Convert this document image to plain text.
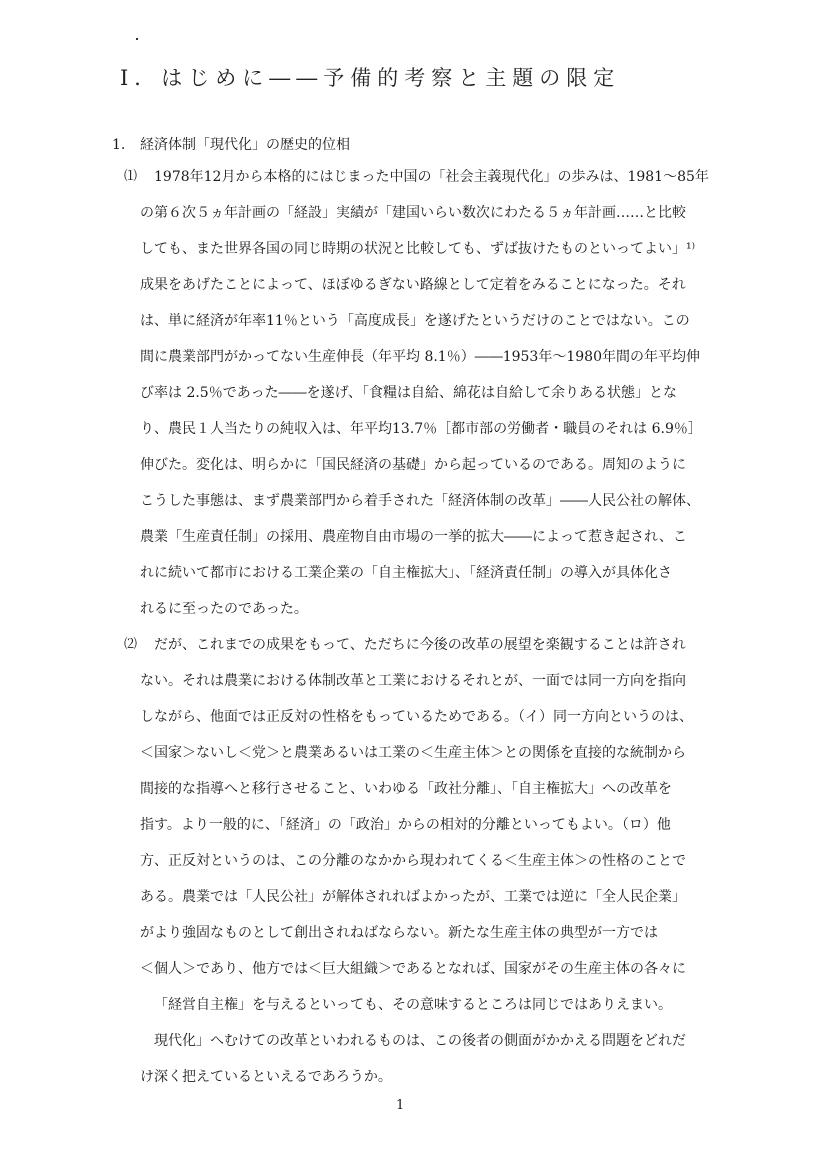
Ⅰ．はじめに――予備的考察と主題の限定
1. 経済体制「現代化」の歴史的位相
⑴ 1978年12月から本格的にはじまった中国の「社会主義現代化」の歩みは、1981～85年
の第６次５ヵ年計画の「経設」実績が「建国いらい数次にわたる５ヵ年計画……と比較
しても、また世界各国の同じ時期の状況と比較しても、ずば抜けたものといってよい」¹⁾
成果をあげたことによって、ほぼゆるぎない路線として定着をみることになった。それ
は、単に経済が年率11％という「高度成長」を遂げたというだけのことではない。この
間に農業部門がかってない生産伸長（年平均 8.1％）――1953年～1980年間の年平均伸
び率は 2.5％であった――を遂げ、「食糧は自給、綿花は自給して余りある状態」とな
り、農民１人当たりの純収入は、年平均13.7％［都市部の労働者・職員のそれは 6.9％］
伸びた。変化は、明らかに「国民経済の基礎」から起っているのである。周知のように
こうした事態は、まず農業部門から着手された「経済体制の改革」――人民公社の解体、
農業「生産責任制」の採用、農産物自由市場の一挙的拡大――によって惹き起され、こ
れに続いて都市における工業企業の「自主権拡大」、「経済責任制」の導入が具体化さ
れるに至ったのであった。
⑵ だが、これまでの成果をもって、ただちに今後の改革の展望を楽観することは許され
ない。それは農業における体制改革と工業におけるそれとが、一面では同一方向を指向
しながら、他面では正反対の性格をもっているためである。（イ）同一方向というのは、
＜国家＞ないし＜党＞と農業あるいは工業の＜生産主体＞との関係を直接的な統制から
間接的な指導へと移行させること、いわゆる「政社分離」、「自主権拡大」への改革を
指す。より一般的に、「経済」の「政治」からの相対的分離といってもよい。（ロ）他
方、正反対というのは、この分離のなかから現われてくる＜生産主体＞の性格のことで
ある。農業では「人民公社」が解体されればよかったが、工業では逆に「全人民企業」
がより強固なものとして創出されねばならない。新たな生産主体の典型が一方では
＜個人＞であり、他方では＜巨大組織＞であるとなれば、国家がその生産主体の各々に
「経営自主権」を与えるといっても、その意味するところは同じではありえまい。
現代化」へむけての改革といわれるものは、この後者の側面がかかえる問題をどれだ
け深く把えているといえるであろうか。
1
